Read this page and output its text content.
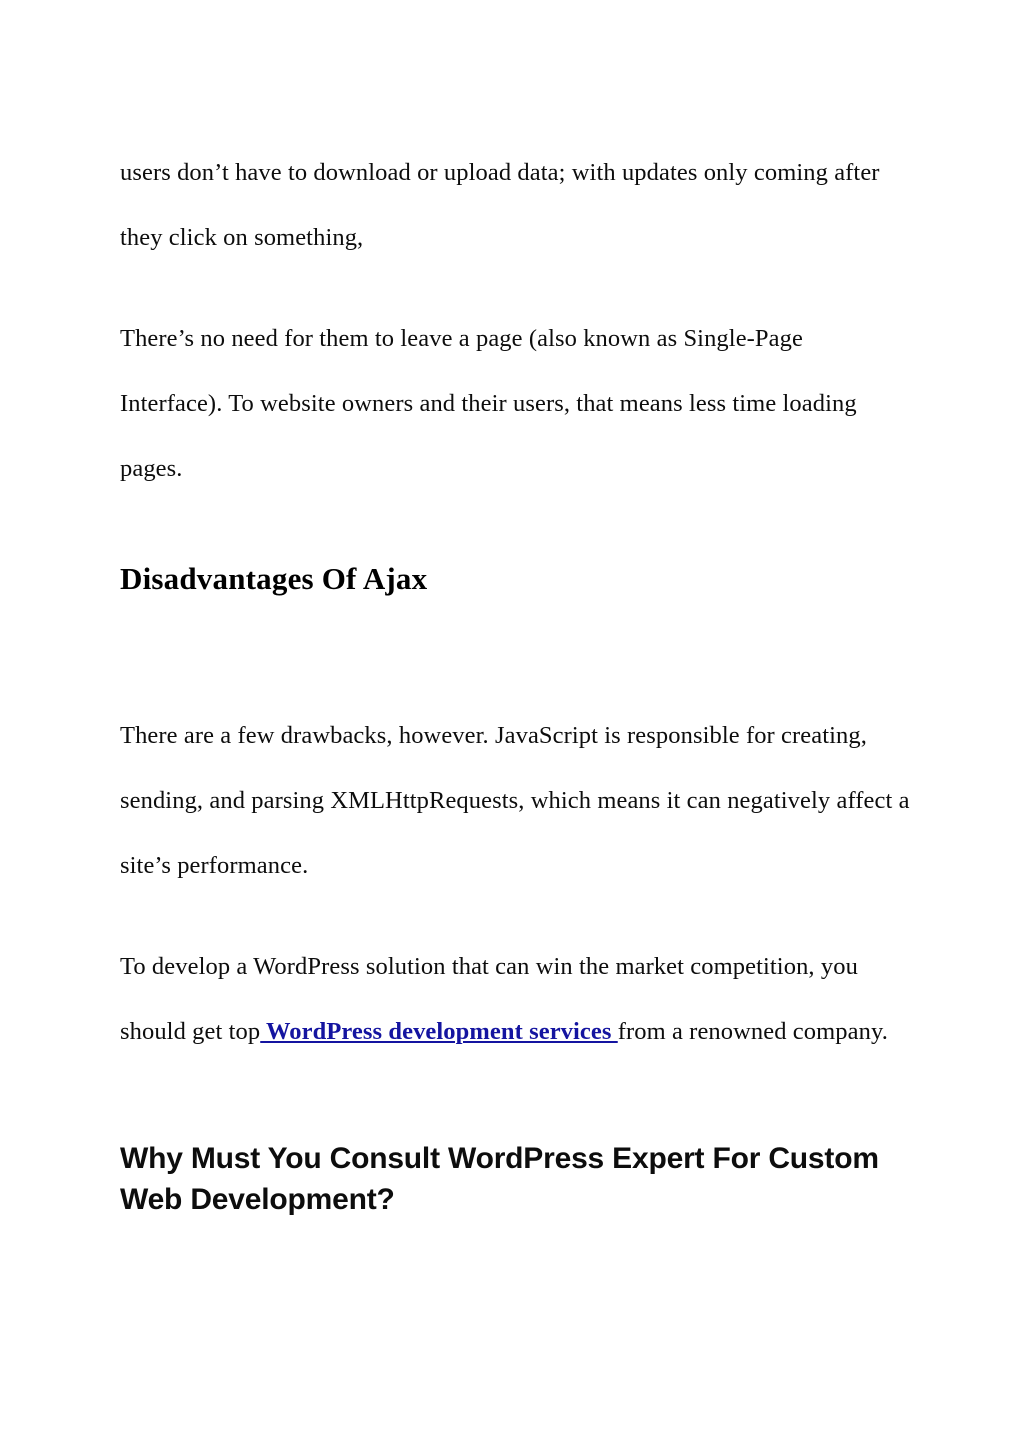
users don’t have to download or upload data; with updates only coming after they click on something,

There’s no need for them to leave a page (also known as Single-Page Interface). To website owners and their users, that means less time loading pages.

Disadvantages Of Ajax

There are a few drawbacks, however. JavaScript is responsible for creating, sending, and parsing XMLHttpRequests, which means it can negatively affect a site’s performance.

To develop a WordPress solution that can win the market competition, you should get top WordPress development services from a renowned company.

Why Must You Consult WordPress Expert For Custom Web Development?
